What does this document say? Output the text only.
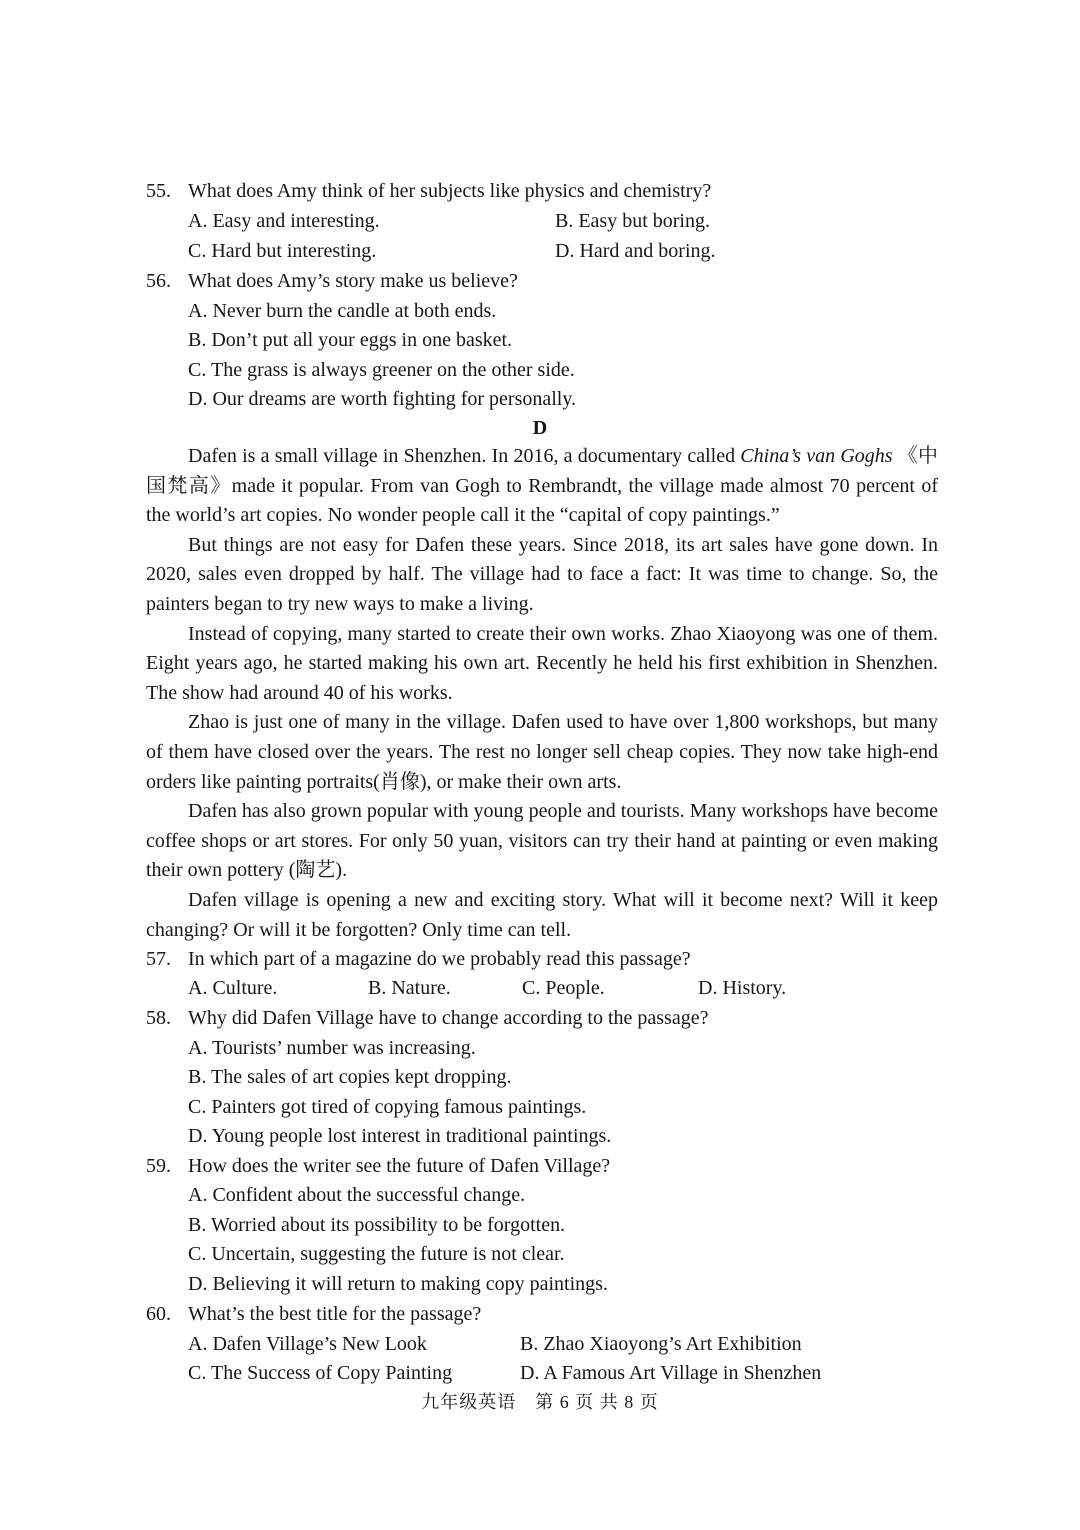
55. What does Amy think of her subjects like physics and chemistry?
A. Easy and interesting.	B. Easy but boring.
C. Hard but interesting.	D. Hard and boring.
56. What does Amy’s story make us believe?
A. Never burn the candle at both ends.
B. Don’t put all your eggs in one basket.
C. The grass is always greener on the other side.
D. Our dreams are worth fighting for personally.
D

Dafen is a small village in Shenzhen. In 2016, a documentary called China’s van Goghs 《中国梵高》made it popular. From van Gogh to Rembrandt, the village made almost 70 percent of the world’s art copies. No wonder people call it the “capital of copy paintings.”

But things are not easy for Dafen these years. Since 2018, its art sales have gone down. In 2020, sales even dropped by half. The village had to face a fact: It was time to change. So, the painters began to try new ways to make a living.

Instead of copying, many started to create their own works. Zhao Xiaoyong was one of them. Eight years ago, he started making his own art. Recently he held his first exhibition in Shenzhen. The show had around 40 of his works.

Zhao is just one of many in the village. Dafen used to have over 1,800 workshops, but many of them have closed over the years. The rest no longer sell cheap copies. They now take high-end orders like painting portraits(肖像), or make their own arts.

Dafen has also grown popular with young people and tourists. Many workshops have become coffee shops or art stores. For only 50 yuan, visitors can try their hand at painting or even making their own pottery (陶艺).

Dafen village is opening a new and exciting story. What will it become next? Will it keep changing? Or will it be forgotten? Only time can tell.

57. In which part of a magazine do we probably read this passage?
A. Culture.	B. Nature.	C. People.	D. History.
58. Why did Dafen Village have to change according to the passage?
A. Tourists’ number was increasing.
B. The sales of art copies kept dropping.
C. Painters got tired of copying famous paintings.
D. Young people lost interest in traditional paintings.
59. How does the writer see the future of Dafen Village?
A. Confident about the successful change.
B. Worried about its possibility to be forgotten.
C. Uncertain, suggesting the future is not clear.
D. Believing it will return to making copy paintings.
60. What’s the best title for the passage?
A. Dafen Village’s New Look	B. Zhao Xiaoyong’s Art Exhibition
C. The Success of Copy Painting	D. A Famous Art Village in Shenzhen
九年级英语　第 6 页 共 8 页
